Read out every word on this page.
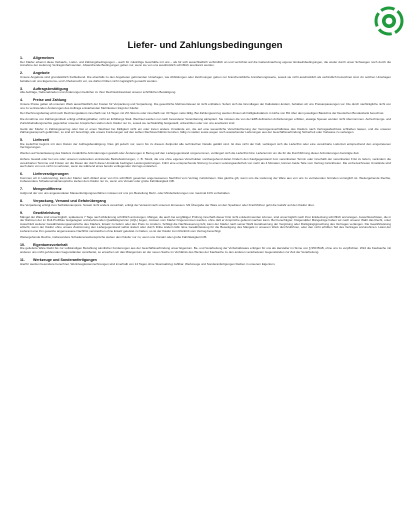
Liefer- und Zahlungsbedingungen
1.	Allgemeines
Der Käufer erkennt diese Verkaufs-, Liefer- und Zahlungsbedingungen – auch für zukünftige Geschäfte mit uns – als für sich ausschließlich verbindlich an und verzichtet auf die Geltendmachung eigener Einkaufsbedingungen, die weder durch unser Schweigen noch durch die Annahme der Lieferung Vertragsinhalt werden. Abweichende Bedingungen gelten nur, wenn sie von uns ausdrücklich schriftlich anerkannt werden.
2.	Angebote
Unsere Angebote sind grundsätzlich freibleibend. Die ebenfalls zu den Angeboten gehörenden Unterlagen, wie Abbildungen oder Zeichnungen geben nur branchenübliche Annäherungswerte, soweit sie nicht ausdrücklich als verbindlich bezeichnet sind. An solchen Unterlagen behalten wir uns Eigentums- und Urheberrecht vor, sie dürfen Dritten nicht zugänglich gemacht werden.
3.	Auftragsbestätigung
Alle Aufträge, Nebenabreden und Änderungen bedürfen zu ihrer Rechtswirksamkeit unserer schriftlichen Bestätigung.
4.	Preise und Zahlung
Unsere Preise gelten ab unserem Werk ausschließlich der Kosten für Verpackung und Verpackung. Die gesetzliche Mehrwertsteuer ist nicht enthalten. Sofern sich die Grundlagen der Kalkulation ändern, behalten wir uns Preisanpassungen vor. Die durch nachträgliche nicht von uns zu vertretenden Änderungen des Auftrags entstehenden Mehrkosten trägt der Käufer.
Der Rechnungsbetrag wird nach Rechnungsdatum innerhalb von 14 Tagen mit 2% Skonto oder innerhalb von 30 Tagen netto fällig. Bei Zahlungsverzug werden Zinsen ab Fälligkeitsdatum in Höhe von 8% über dem jeweiligen Basiszins der Deutschen Bundesbank berechnet.
Die Annahme von Zahlungsmitteln erfolgt erfüllungshalber, nicht an Erfüllungs Statt. Wechsel werden nur nach besonderer Vereinbarung akzeptiert. Sie müssen die von der EZB definierten Anforderungen erfüllen, etwaige Spesen werden nicht übernommen. Aufrechnungs- und Zurückbehaltungsrechte gegenüber unseren Ansprüchen stehen dem Käufer nur zu, soweit sie rechtskräftig festgestellt, unbestritten oder von uns anerkannt sind.
Gerät der Käufer in Zahlungsverzug oder löst er einen Wechsel bei Fälligkeit nicht ein oder treten andere Umstände ein, die auf eine wesentliche Verschlechterung der Vermögensverhältnisse des Käufers nach Vertragsabschluss schließen lassen, und die unseren Zahlungsanspruch gefährden, so sind wir berechtigt, alle unsere Forderungen auf den selben Rechtsverhältnis beruhen, fällig zu stellen sowie wegen noch ausstehender Lieferungen aus der Geschäftsverbindung Sicherheit oder Vorkasse zu verlangen.
5.	Lieferzeit
Die Lieferfrist beginnt mit dem Datum der Auftragsbestätigung. Dies gilt jedoch nur, wenn bis zu diesem Zeitpunkt alle technischen Details geklärt sind. Ist dies nicht der Fall, verlängert sich die Lieferfrist oder eine vereinbarte Lieferzeit entsprechend den eingetretenen Verzögerungen.
Werden auf Veranlassung des Käufers zusätzliche Anforderungen gestellt oder Änderungen in Bezug auf den Liefergegenstand vorgenommen, verlängert sich die Lieferfrist bzw. Liefertermin um die für die Durchführung dieser Anforderungen benötigte Zeit.
Höhere Gewalt oder bei uns oder unseren Lieferanten eintretende Betriebsstörungen, z. B. Streik, die uns ohne eigenes Verschulden vorübergehend daran hindern den Kaufgegenstand zum vereinbarten Termin oder innerhalb der vereinbarten Frist zu liefern, verändern die vereinbarten Termine und Fristen um die Dauer der durch diese Umstände bedingten Leistungsstörungen. Führt eine entsprechende Störung zu einem Leistungsaufschub von mehr als 4 Monaten, können beide Teile vom Vertrag zurücktreten. Die vorbezeichneten Umstände sind auch dann von uns nicht zu vertreten, wenn sie während eines bereits vorliegenden Verzugs entstehen.
6.	Lieferverzögerungen
Kommen wir in Lieferverzug, kann der Käufer nach Ablauf einer von ihm schriftlich gesetzten angemessenen Nachfrist vom Vertrag zurücktreten. Das gleiche gilt, wenn uns die Lieferung der Ware aus von uns zu vertretenden Gründen unmöglich ist. Weitergehende Rechte, insbesondere Schadenersatzansprüche stehen dem Käufer nur zu, wenn uns Vorsatz oder grobe Fahrlässigkeit trifft.
7.	Mengendifferenz
Aufgrund der von uns angewendeten Massenfertigungsverfahren müssen wir uns pro Bestellung Mehr- oder Minderlieferungen von maximal 10% vorbehalten.
8.	Verpackung, Versand und Gefahrübergang
Die Verpackung erfolgt zum Selbstkostenpreis. Soweit nicht anders vereinbart, erfolgt der Versand nach unserem Ermessen. Mit Übergabe der Ware an den Spediteur oder Frachtführer geht die Gefahr auf den Käufer über.
9.	Gewährleistung
Mängel der Ware sind unverzüglich, spätestens 7 Tage nach Ablieferung schriftlich anzuzeigen. Mängel, die auch bei sorgfältiger Prüfung innerhalb dieser Frist nicht entdeckt werden können, sind unverzüglich nach ihrer Entdeckung schriftlich anzuzeigen. Ausschlussfristen, die in der Rahmen der im Roll-Profilbau festgelegten anzunehmenden Qualitätsgrenzen (AQL) liegen, müssen vom Käufer hingenommen werden, ohne daß er Ansprüche geltend machen kann. Bei berechtigter, fristgemäßer Mängelrüge haben wir nach unserer Wahl das Recht, unter Ausschluß weiterer Gewährleistungsansprüche des Käufers, Ersatz zu liefern oder den Preis zu mindern. Schlägt die Nachbesserung fehl, kann der Käufer nach seiner Wahl Herabsetzung der Vergütung oder Rückgängigmachung des Vertrages verlangen. Die Gewährleistung erlischt, wenn der Käufer ohne unsere Zustimmung den Liefergegenstand selbst ändert oder durch Dritte ändern läßt. Eine Gewährleistung für die Beseitigung des Mangels in unserem Werk durchzuführen, oder den nicht erfüllten Teil des Vertrages anzunehmen. Lässt der Lieferant eine ihm gesetzte angemessene Nachfrist verstreichen ohne Ersatz geleistet zu haben, so ist der Käufer zum Rücktritt vom Vertrag berechtigt.
Weitergehende Rechte, insbesondere Schadenersatzansprüche stehen dem Käufer nur zu, wenn uns Vorsatz oder grobe Fahrlässigkeit trifft.
10.	Eigentumsvorbehalt
Die gelieferte Ware bleibt bis zur vollständigen Bezahlung sämtlicher Forderungen aus der Geschäftsverbindung unser Eigentum. Be- und Verarbeitung der Vorbehaltsware erfolgen für uns als Hersteller im Sinne von § 950 BGB, ohne uns zu verpflichten. Wird die Kaufsache mit anderen uns nicht gehörenden Gegenständen verarbeitet, so erwerben wir das Miteigentum an der neuen Sache im Verhältnis des Wertes der Kaufsache zu den anderen verarbeiteten Gegenständen zur Zeit der Verarbeitung.
11.	Werkzeuge und Sonderanfertigungen
Hierfür werden besondere berechnet. Werkzeugkostenrechnungen sind innerhalb von 14 Tagen ohne Skontoabzug zahlbar. Werkzeuge und Sonderanfertigungen bleiben in unserem Eigentum.
